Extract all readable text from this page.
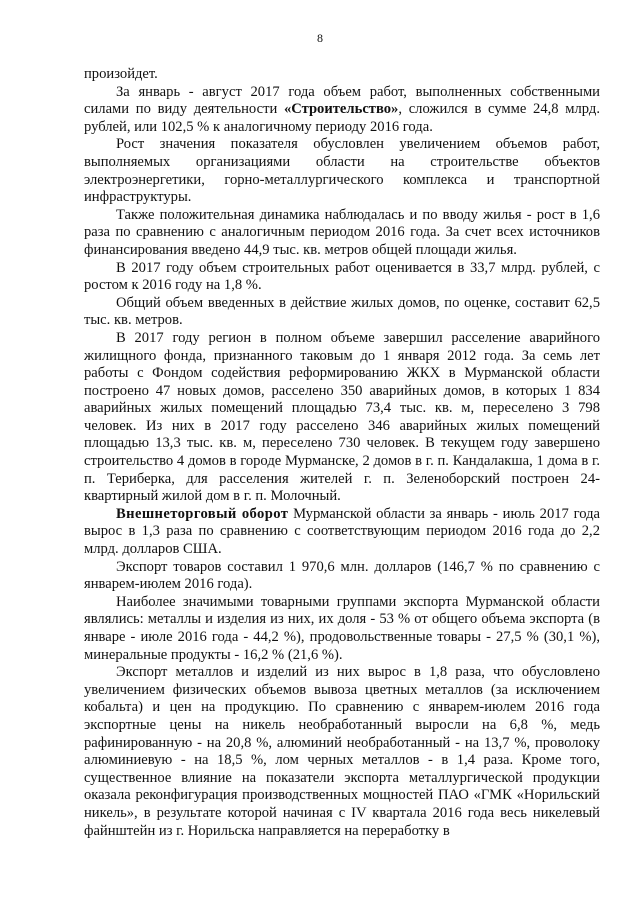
8

произойдет.

За январь - август 2017 года объем работ, выполненных собственными силами по виду деятельности «Строительство», сложился в сумме 24,8 млрд. рублей, или 102,5 % к аналогичному периоду 2016 года.

Рост значения показателя обусловлен увеличением объемов работ, выполняемых организациями области на строительстве объектов электроэнергетики, горно-металлургического комплекса и транспортной инфраструктуры.

Также положительная динамика наблюдалась и по вводу жилья - рост в 1,6 раза по сравнению с аналогичным периодом 2016 года. За счет всех источников финансирования введено 44,9 тыс. кв. метров общей площади жилья.

В 2017 году объем строительных работ оценивается в 33,7 млрд. рублей, с ростом к 2016 году на 1,8 %.

Общий объем введенных в действие жилых домов, по оценке, составит 62,5 тыс. кв. метров.

В 2017 году регион в полном объеме завершил расселение аварийного жилищного фонда, признанного таковым до 1 января 2012 года. За семь лет работы с Фондом содействия реформированию ЖКХ в Мурманской области построено 47 новых домов, расселено 350 аварийных домов, в которых 1 834 аварийных жилых помещений площадью 73,4 тыс. кв. м, переселено 3 798 человек. Из них в 2017 году расселено 346 аварийных жилых помещений площадью 13,3 тыс. кв. м, переселено 730 человек. В текущем году завершено строительство 4 домов в городе Мурманске, 2 домов в г. п. Кандалакша, 1 дома в г. п. Териберка, для расселения жителей г. п. Зеленоборский построен 24-квартирный жилой дом в г. п. Молочный.

Внешнеторговый оборот Мурманской области за январь - июль 2017 года вырос в 1,3 раза по сравнению с соответствующим периодом 2016 года до 2,2 млрд. долларов США.

Экспорт товаров составил 1 970,6 млн. долларов (146,7 % по сравнению с январем-июлем 2016 года).

Наиболее значимыми товарными группами экспорта Мурманской области являлись: металлы и изделия из них, их доля - 53 % от общего объема экспорта (в январе - июле 2016 года - 44,2 %), продовольственные товары - 27,5 % (30,1 %), минеральные продукты - 16,2 % (21,6 %).

Экспорт металлов и изделий из них вырос в 1,8 раза, что обусловлено увеличением физических объемов вывоза цветных металлов (за исключением кобальта) и цен на продукцию. По сравнению с январем-июлем 2016 года экспортные цены на никель необработанный выросли на 6,8 %, медь рафинированную - на 20,8 %, алюминий необработанный - на 13,7 %, проволоку алюминиевую - на 18,5 %, лом черных металлов - в 1,4 раза. Кроме того, существенное влияние на показатели экспорта металлургической продукции оказала реконфигурация производственных мощностей ПАО «ГМК «Норильский никель», в результате которой начиная с IV квартала 2016 года весь никелевый файнштейн из г. Норильска направляется на переработку в
